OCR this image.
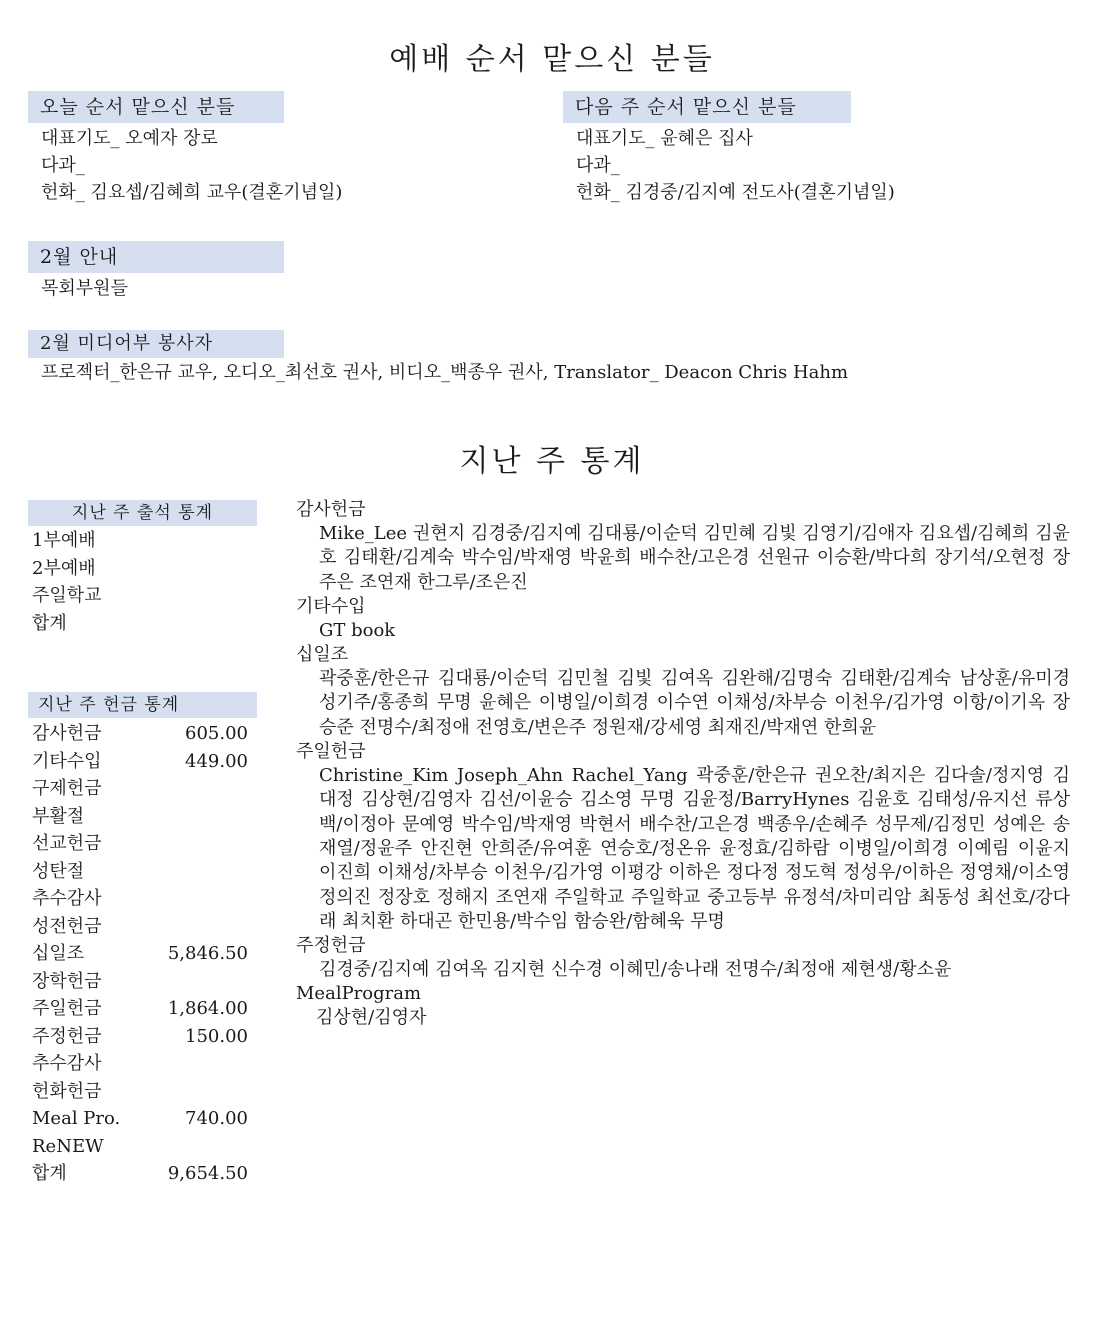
예배 순서 맡으신 분들
오늘 순서 맡으신 분들
대표기도_ 오예자 장로
다과_
헌화_ 김요셉/김혜희 교우(결혼기념일)
다음 주 순서 맡으신 분들
대표기도_ 윤혜은 집사
다과_
헌화_ 김경중/김지예 전도사(결혼기념일)
2월 안내
목회부원들
2월 미디어부 봉사자
프로젝터_한은규 교우, 오디오_최선호 권사, 비디오_백종우 권사, Translator_ Deacon Chris Hahm
지난 주 통계
지난 주 출석 통계
1부예배
2부예배
주일학교
합계
지난 주 헌금 통계
감사헌금	605.00
기타수입	449.00
구제헌금
부활절
선교헌금
성탄절
추수감사
성전헌금
십일조	5,846.50
장학헌금
주일헌금	1,864.00
주정헌금	150.00
추수감사
헌화헌금
Meal Pro.	740.00
ReNEW
합계	9,654.50
감사헌금
Mike_Lee 권현지 김경중/김지예 김대룡/이순덕 김민혜 김빛 김영기/김애자 김요셉/김혜희 김윤호 김태환/김계숙 박수임/박재영 박윤희 배수찬/고은경 선원규 이승환/박다희 장기석/오현정 장주은 조연재 한그루/조은진
기타수입
GT book
십일조
곽중훈/한은규 김대룡/이순덕 김민철 김빛 김여옥 김완해/김명숙 김태환/김계숙 남상훈/유미경 성기주/홍종희 무명 윤혜은 이병일/이희경 이수연 이채성/차부승 이천우/김가영 이항/이기옥 장승준 전명수/최정애 전영호/변은주 정원재/강세영 최재진/박재연 한희윤
주일헌금
Christine_Kim Joseph_Ahn Rachel_Yang 곽중훈/한은규 권오찬/최지은 김다솔/정지영 김대정 김상현/김영자 김선/이윤승 김소영 무명 김윤정/BarryHynes 김윤호 김태성/유지선 류상백/이정아 문예영 박수임/박재영 박현서 배수찬/고은경 백종우/손혜주 성무제/김정민 성예은 송재열/정윤주 안진현 안희준/유여훈 연승호/정온유 윤정효/김하람 이병일/이희경 이예림 이윤지 이진희 이채성/차부승 이천우/김가영 이평강 이하은 정다정 정도혁 정성우/이하은 정영채/이소영 정의진 정장호 정해지 조연재 주일학교 주일학교 중고등부 유정석/차미리암 최동성 최선호/강다래 최치환 하대곤 한민용/박수임 함승완/함혜욱 무명
주정헌금
김경중/김지예 김여옥 김지현 신수경 이혜민/송나래 전명수/최정애 제현생/황소윤
MealProgram
김상현/김영자
